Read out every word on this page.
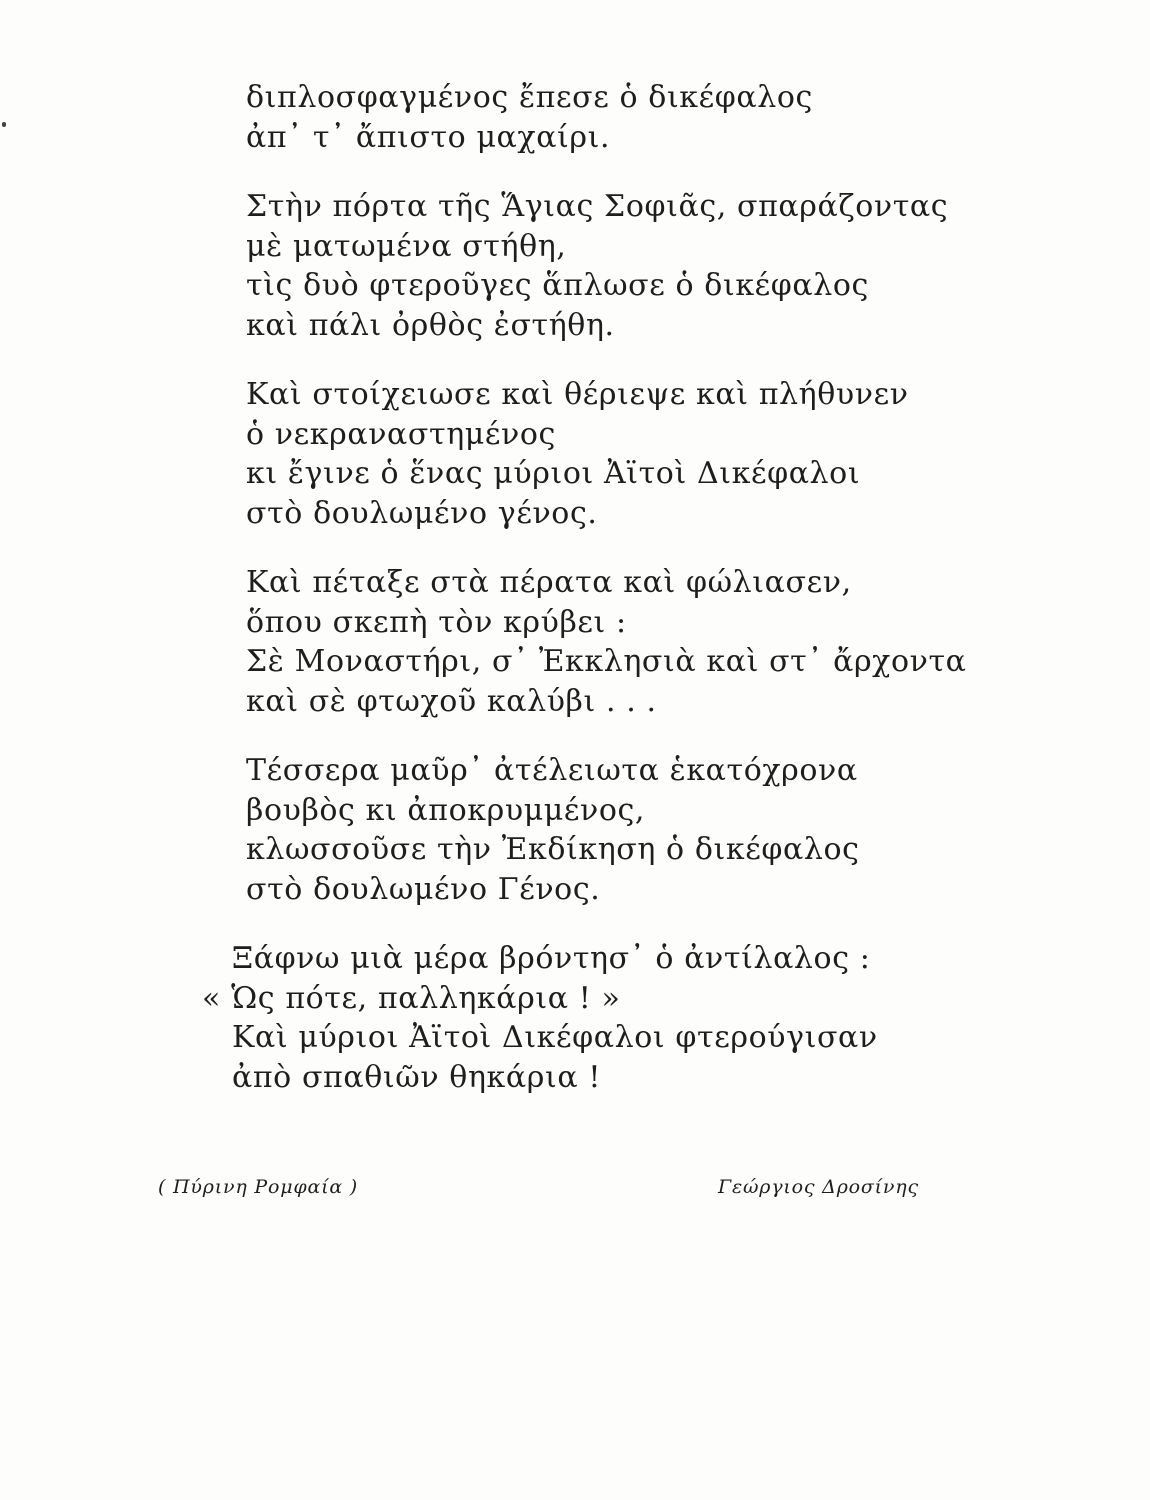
διπλοσφαγμένος ἔπεσε ὁ δικέφαλος
ἀπ᾿ τ᾿ ἄπιστο μαχαίρι.
Στὴν πόρτα τῆς Ἅγιας Σοφιᾶς, σπαράζοντας
μὲ ματωμένα στήθη,
τὶς δυὸ φτεροῦγες ἅπλωσε ὁ δικέφαλος
καὶ πάλι ὀρθὸς ἐστήθη.
Καὶ στοίχειωσε καὶ θέριεψε καὶ πλήθυνεν
ὁ νεκραναστημένος
κι ἔγινε ὁ ἕνας μύριοι Ἀϊτοὶ Δικέφαλοι
στὸ δουλωμένο γένος.
Καὶ πέταξε στὰ πέρατα καὶ φώλιασεν,
ὅπου σκεπὴ τὸν κρύβει :
Σὲ Μοναστήρι, σ᾿ Ἐκκλησιὰ καὶ στ᾿ ἄρχοντα
καὶ σὲ φτωχοῦ καλύβι . . .
Τέσσερα μαῦρ᾿ ἀτέλειωτα ἑκατόχρονα
βουβὸς κι ἀποκρυμμένος,
κλωσσοῦσε τὴν Ἐκδίκηση ὁ δικέφαλος
στὸ δουλωμένο Γένος.
Ξάφνω μιὰ μέρα βρόντησ᾿ ὁ ἀντίλαλος :
« Ὡς πότε, παλληκάρια ! »
Καὶ μύριοι Ἀϊτοὶ Δικέφαλοι φτερούγισαν
ἀπὸ σπαθιῶν θηκάρια !
( Πύρινη Ρομφαία )	Γεώργιος Δροσίνης
